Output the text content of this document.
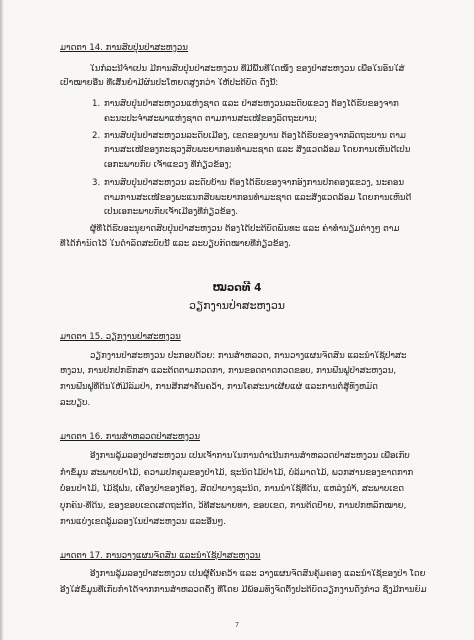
ມາດຕາ 14. ການສັບປຸ່ນປ່າສະຫງວນ
ໃນກໍລະນີຈຳເປັນ ມີການສັບປຸ່ນປ່າສະຫງວນ ທີ່ມີພື້ນທີ່ໃດໜຶ່ງ ຂອງປ່າສະຫງວນ ເພື່ອໃນອັນໃສ່
ເປົ້າໝາຍອື່ນ ທີ່ເສັ້ນຍໍາມີຜົນປະໂຫຍດສູງກວ່າ ໃຫ້ປະຕິບັດ ດັ່ງນີ້:
1. ການສັບປຸ່ນປ່າສະຫງວນແຫ່ງຊາດ ແລະ ປ່າສະຫງວນລະດັບແຂວງ ຕ້ອງໄດ້ຮັບຂອງຈາກ
ຄະນະປະຈຳສະພາແຫ່ງຊາດ ຕາມການສະເໜີຂອງລັດຖະບານ;
2. ການສັບປຸ່ນປ່າສະຫງວນລະດັບເມືອງ, ເຂດຂອງບານ ຕ້ອງໄດ້ຮັບຂອງຈາກລັດຖະບານ ຕາມ
ການສະເໜີຂອງກະຊວງສັບພະຍາກອນທຳມະຊາດ ແລະ ສິ່ງແວດລ້ອມ ໂດຍການເຫັນດີເປັນ
ເອກະພາບກັບ ເຈົ້າແຂວງ ທີ່ກ່ຽວຂ້ອງ;
3. ການສັບປຸ່ນປ່າສະຫງວນ ລະດັບບ້ານ ຕ້ອງໄດ້ຮັບຂອງຈາກອົງການປົກຄອງແຂວງ, ນະຄອນ
ຕາມການສະເໜີຂອງພະແນກສັບພະຍາກອນທຳມະຊາດ ແລະສິ່ງແວດລ້ອມ ໂດຍການເຫັນດີ
ເປັນເອກະພາບກັບເຈົ້າເມືອງທີ່ກ່ຽວຂ້ອງ.
ຜູ້ທີ່ໄດ້ຮັບອະນຸຍາດສັບປຸ່ນປ່າສະຫງວນ ຕ້ອງໄດ້ປະຕິບັດພັນທະ ແລະ ຄ່າທຳນຽມຕ່າງໆ ຕາມ
ທີ່ໄດ້ກຳນົດໄວ້ ໃນດຳລັດສະບັບນີ້ ແລະ ລະບຽບກົດໝາຍທີ່ກ່ຽວຂ້ອງ.
ໝວດທີ 4
ວຽກງານປ່າສະຫງວນ
ມາດຕາ 15. ວຽກງານປ່າສະຫງວນ
ວຽກງານປ່າສະຫງວນ ປະກອບດ້ວຍ: ການສຳຫລວດ, ການວາງແຜນຈັດສັນ ແລະນຳໃຊ້ປ່າສະ
ຫງວນ, ການປົກປັກຮັກສາ ແລະຕິດຕາມກວດກາ, ການຂອດຕາດກວດຂອບ, ການຟື້ນຟູປ່າສະຫງວນ,
ການຟື້ນຟູທີ່ດິນໃຫ້ມີລົມປ່າ, ການສຶກສາຄົ້ນຄວ້າ, ການໂຄສະນາເຜີຍແຜ່ ແລະການຕໍ່ສູ້ທັງຫມົດ
ລະບຽບ.
ມາດຕາ 16. ການສຳຫລວດປ່າສະຫງວນ
ອີງການລູ້ມລອງປ່າສະຫງວນ ເປັນເຈົ້າການໃນການດຳເນີນການສຳຫລວດປ່າສະຫງວນ ເພື່ອເກັບ
ກຳຂໍ້ມູນ ສະພາບປ່າໄມ້, ຄວາມປົກຄຸມຂອງປ່າໄມ້, ຊະນິດໄມ້ປ່າໄມ້, ບໍລິມາດໄມ້, ພວກສານຂອງຂາດກາກ
ບໍ່ອນປ່າໄມ້, ໄມ້ຊີຟັນ, ເຄື່ອງປ່າຂອງຕ້ອງ, ສັດປ່າບາງຊະນິດ, ການນຳໃຊ້ທີ່ດິນ, ແຫລ່ງນຳ້, ສະພາບເຂດ
ບຸກຄົນ-ທີ່ດິນ, ຂອງຂອບເຂດເສດຖະກິດ, ວິທີສະພາຍທາ, ຂອບເຂດ, ການຕິດປ້າຍ, ການປັກຫລັກໝາຍ,
ການແບ່ງເຂດລູ້ມລອງໃນປ່າສະຫງວນ ແລະອື່ນໆ.
ມາດຕາ 17. ການວາງແຜນຈັດສັນ ແລະນຳໃຊ້ປ່າສະຫງວນ
ອີງການລູ້ມລອງປ່າສະຫງວນ ເປັນຜູ້ຄົ້ນຄວ້າ ແລະ ວາງແຜນຈັດສັນຄຸ້ມຄອງ ແລະນຳໃຊ້ຂອງປ່າ ໂດຍ
ອີງໃສ່ຂໍ້ມູນທີ່ເກັບກຳໄດ້ຈາກການສຳຫລວດຄັ້ງ ທີ່ໂດຍ ມີພ້ອມທັງຈັດຕັ້ງປະຕິບັດວຽກງານດັ່ງກ່າວ ຊຶ່ງມີການຍົມ
7
